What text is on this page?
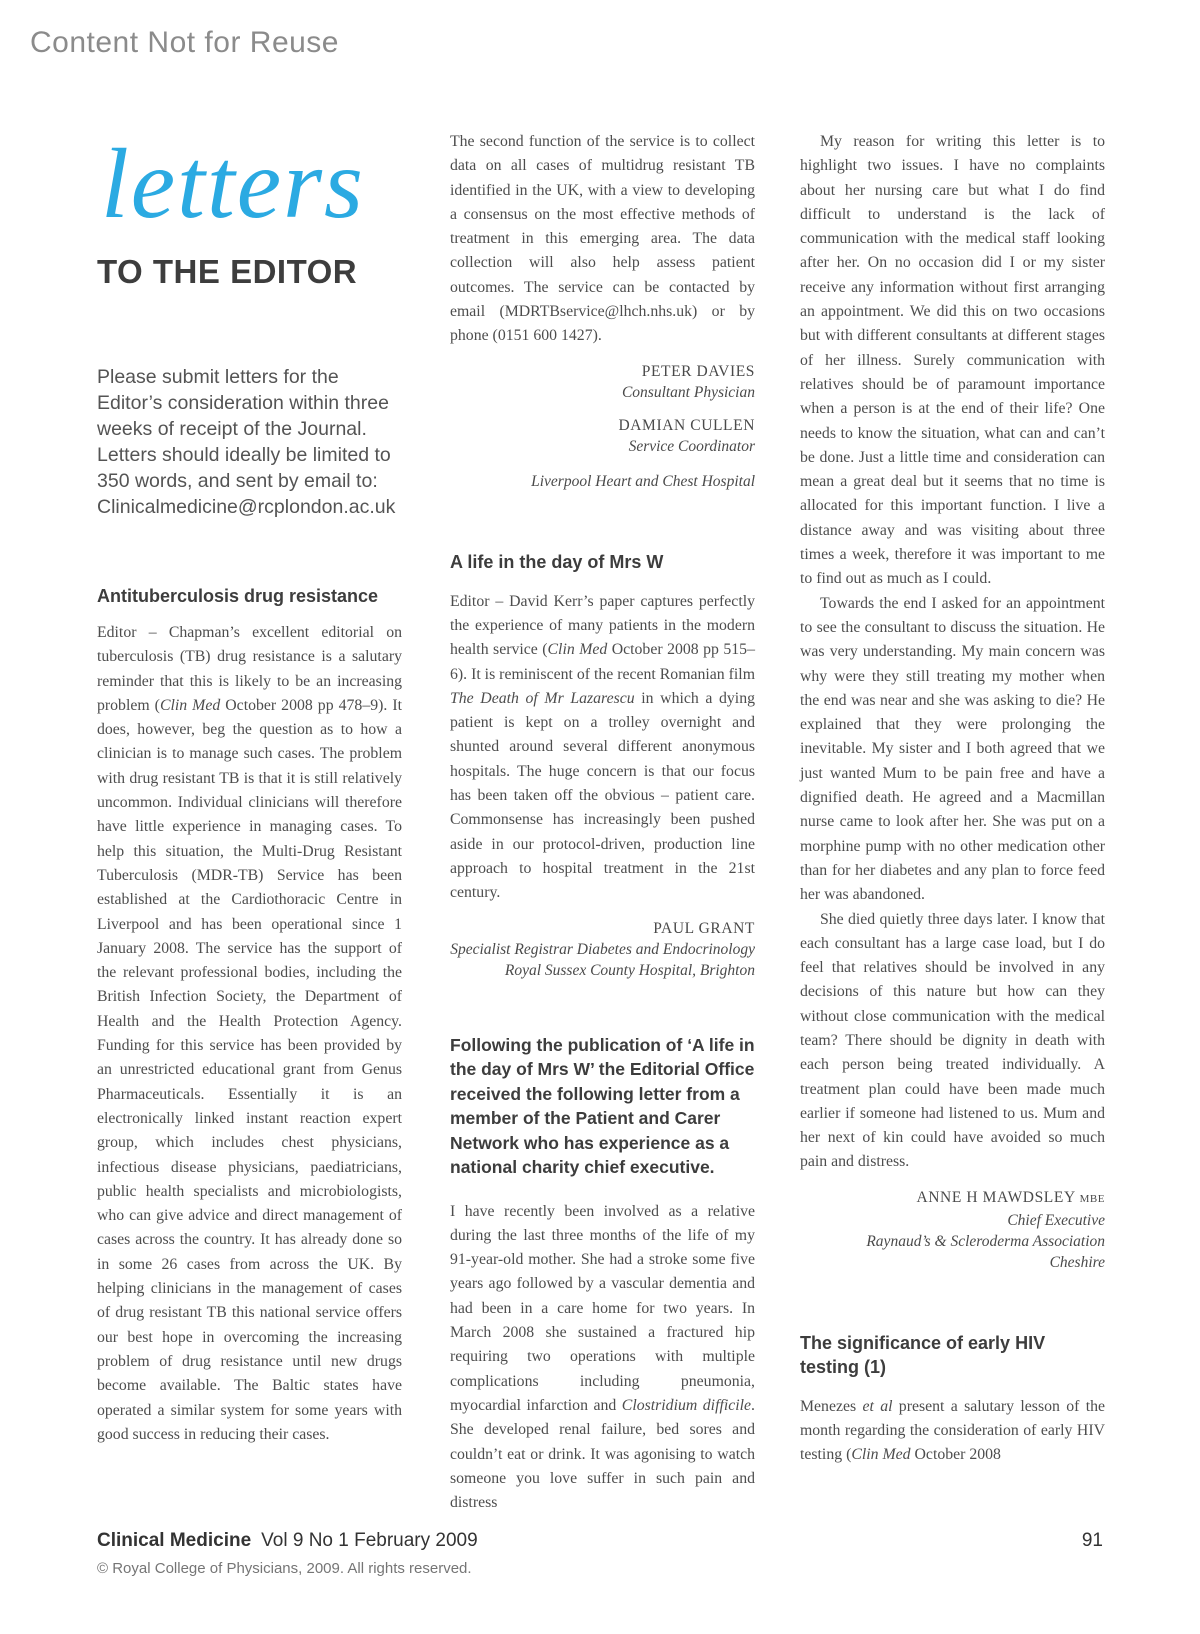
Content Not for Reuse
letters
TO THE EDITOR

Please submit letters for the Editor’s consideration within three weeks of receipt of the Journal. Letters should ideally be limited to 350 words, and sent by email to: Clinicalmedicine@rcplondon.ac.uk

Antituberculosis drug resistance

Editor – Chapman’s excellent editorial on tuberculosis (TB) drug resistance is a salutary reminder that this is likely to be an increasing problem (Clin Med October 2008 pp 478–9). It does, however, beg the question as to how a clinician is to manage such cases. The problem with drug resistant TB is that it is still relatively uncommon. Individual clinicians will therefore have little experience in managing cases. To help this situation, the Multi-Drug Resistant Tuberculosis (MDR-TB) Service has been established at the Cardiothoracic Centre in Liverpool and has been operational since 1 January 2008. The service has the support of the relevant professional bodies, including the British Infection Society, the Department of Health and the Health Protection Agency. Funding for this service has been provided by an unrestricted educational grant from Genus Pharmaceuticals. Essentially it is an electronically linked instant reaction expert group, which includes chest physicians, infectious disease physicians, paediatricians, public health specialists and microbiologists, who can give advice and direct management of cases across the country. It has already done so in some 26 cases from across the UK. By helping clinicians in the management of cases of drug resistant TB this national service offers our best hope in overcoming the increasing problem of drug resistance until new drugs become available. The Baltic states have operated a similar system for some years with good success in reducing their cases.

The second function of the service is to collect data on all cases of multidrug resistant TB identified in the UK, with a view to developing a consensus on the most effective methods of treatment in this emerging area. The data collection will also help assess patient outcomes. The service can be contacted by email (MDRTBservice@lhch.nhs.uk) or by phone (0151 600 1427).

PETER DAVIES
Consultant Physician
DAMIAN CULLEN
Service Coordinator
Liverpool Heart and Chest Hospital
A life in the day of Mrs W

Editor – David Kerr’s paper captures perfectly the experience of many patients in the modern health service (Clin Med October 2008 pp 515–6). It is reminiscent of the recent Romanian film The Death of Mr Lazarescu in which a dying patient is kept on a trolley overnight and shunted around several different anonymous hospitals. The huge concern is that our focus has been taken off the obvious – patient care. Commonsense has increasingly been pushed aside in our protocol-driven, production line approach to hospital treatment in the 21st century.

PAUL GRANT
Specialist Registrar Diabetes and Endocrinology
Royal Sussex County Hospital, Brighton

Following the publication of ‘A life in the day of Mrs W’ the Editorial Office received the following letter from a member of the Patient and Carer Network who has experience as a national charity chief executive.

I have recently been involved as a relative during the last three months of the life of my 91-year-old mother. She had a stroke some five years ago followed by a vascular dementia and had been in a care home for two years. In March 2008 she sustained a fractured hip requiring two operations with multiple complications including pneumonia, myocardial infarction and Clostridium difficile. She developed renal failure, bed sores and couldn’t eat or drink. It was agonising to watch someone you love suffer in such pain and distress

My reason for writing this letter is to highlight two issues. I have no complaints about her nursing care but what I do find difficult to understand is the lack of communication with the medical staff looking after her. On no occasion did I or my sister receive any information without first arranging an appointment. We did this on two occasions but with different consultants at different stages of her illness. Surely communication with relatives should be of paramount importance when a person is at the end of their life? One needs to know the situation, what can and can’t be done. Just a little time and consideration can mean a great deal but it seems that no time is allocated for this important function. I live a distance away and was visiting about three times a week, therefore it was important to me to find out as much as I could.

Towards the end I asked for an appointment to see the consultant to discuss the situation. He was very understanding. My main concern was why were they still treating my mother when the end was near and she was asking to die? He explained that they were prolonging the inevitable. My sister and I both agreed that we just wanted Mum to be pain free and have a dignified death. He agreed and a Macmillan nurse came to look after her. She was put on a morphine pump with no other medication other than for her diabetes and any plan to force feed her was abandoned.

She died quietly three days later. I know that each consultant has a large case load, but I do feel that relatives should be involved in any decisions of this nature but how can they without close communication with the medical team? There should be dignity in death with each person being treated individually. A treatment plan could have been made much earlier if someone had listened to us. Mum and her next of kin could have avoided so much pain and distress.

ANNE H MAWDSLEY MBE
Chief Executive
Raynaud’s & Scleroderma Association
Cheshire
The significance of early HIV testing (1)

Menezes et al present a salutary lesson of the month regarding the consideration of early HIV testing (Clin Med October 2008

Clinical Medicine Vol 9 No 1 February 2009	91
© Royal College of Physicians, 2009. All rights reserved.
